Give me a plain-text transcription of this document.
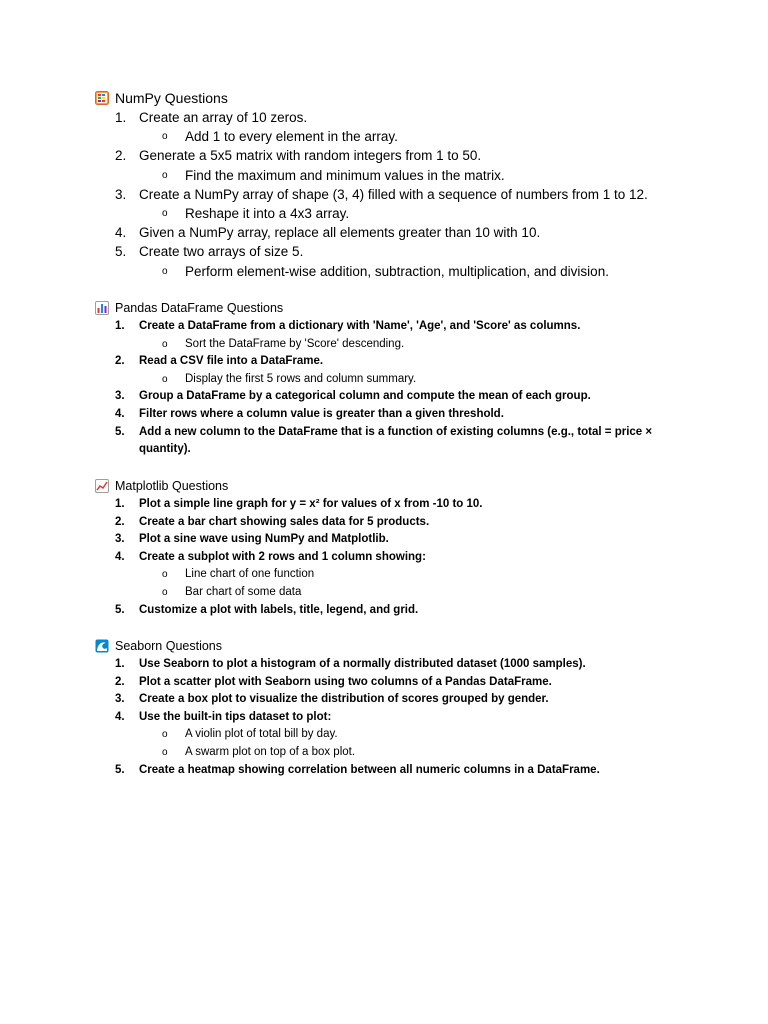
NumPy Questions
1. Create an array of 10 zeros.
o	Add 1 to every element in the array.
2. Generate a 5x5 matrix with random integers from 1 to 50.
o	Find the maximum and minimum values in the matrix.
3. Create a NumPy array of shape (3, 4) filled with a sequence of numbers from 1 to 12.
o	Reshape it into a 4x3 array.
4. Given a NumPy array, replace all elements greater than 10 with 10.
5. Create two arrays of size 5.
o	Perform element-wise addition, subtraction, multiplication, and division.
Pandas DataFrame Questions
1.	Create a DataFrame from a dictionary with 'Name', 'Age', and 'Score' as columns.
o	Sort the DataFrame by 'Score' descending.
2.	Read a CSV file into a DataFrame.
o	Display the first 5 rows and column summary.
3.	Group a DataFrame by a categorical column and compute the mean of each group.
4.	Filter rows where a column value is greater than a given threshold.
5.	Add a new column to the DataFrame that is a function of existing columns (e.g., total = price × quantity).
Matplotlib Questions
1.	Plot a simple line graph for y = x² for values of x from -10 to 10.
2.	Create a bar chart showing sales data for 5 products.
3.	Plot a sine wave using NumPy and Matplotlib.
4.	Create a subplot with 2 rows and 1 column showing:
o	Line chart of one function
o	Bar chart of some data
5.	Customize a plot with labels, title, legend, and grid.
Seaborn Questions
1.	Use Seaborn to plot a histogram of a normally distributed dataset (1000 samples).
2.	Plot a scatter plot with Seaborn using two columns of a Pandas DataFrame.
3.	Create a box plot to visualize the distribution of scores grouped by gender.
4.	Use the built-in tips dataset to plot:
o	A violin plot of total bill by day.
o	A swarm plot on top of a box plot.
5.	Create a heatmap showing correlation between all numeric columns in a DataFrame.
